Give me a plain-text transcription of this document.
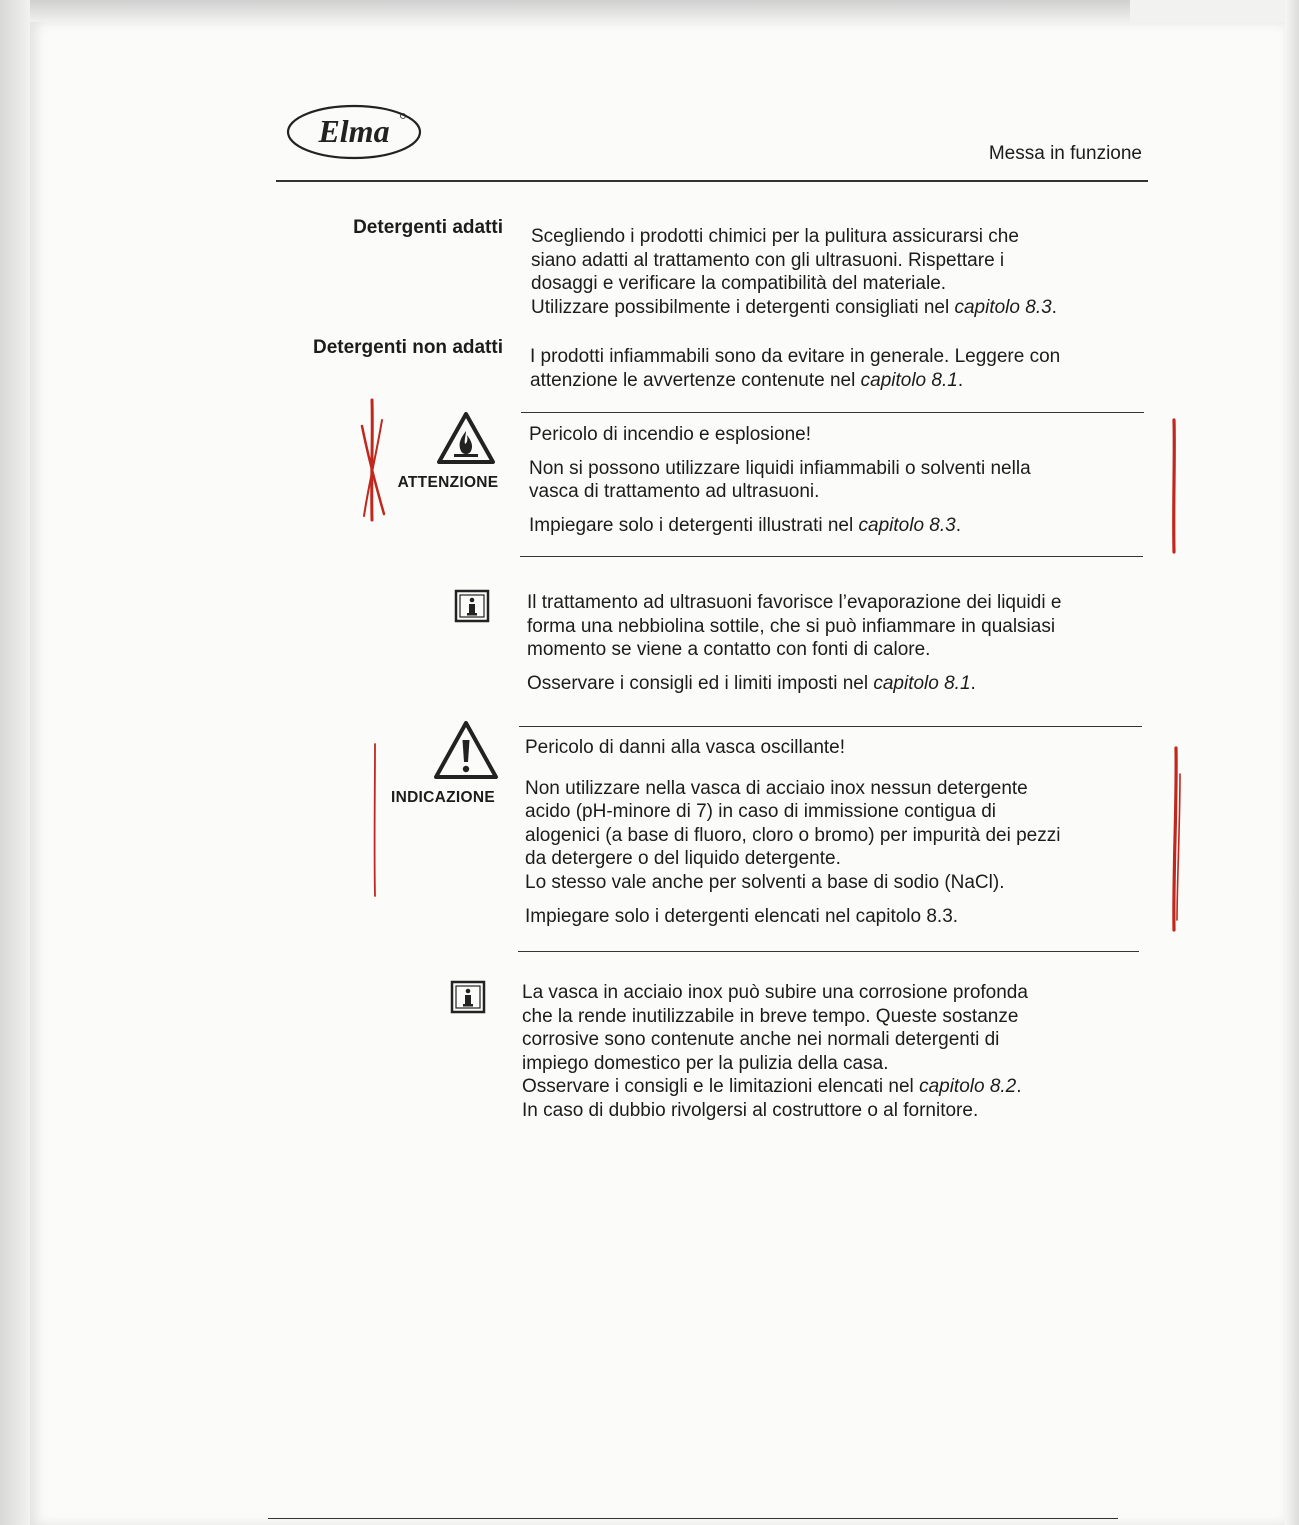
Elma
Messa in funzione
Detergenti adatti Scegliendo i prodotti chimici per la pulitura assicurarsi che
siano adatti al trattamento con gli ultrasuoni. Rispettare i
dosaggi e verificare la compatibilità del materiale.
Utilizzare possibilmente i detergenti consigliati nel capitolo 8.3.
Detergenti non adatti I prodotti infiammabili sono da evitare in generale. Leggere con
attenzione le avvertenze contenute nel capitolo 8.1.
ATTENZIONE
Pericolo di incendio e esplosione!
Non si possono utilizzare liquidi infiammabili o solventi nella
vasca di trattamento ad ultrasuoni.
Impiegare solo i detergenti illustrati nel capitolo 8.3.
Il trattamento ad ultrasuoni favorisce l’evaporazione dei liquidi e
forma una nebbiolina sottile, che si può infiammare in qualsiasi
momento se viene a contatto con fonti di calore.
Osservare i consigli ed i limiti imposti nel capitolo 8.1.
INDICAZIONE
Pericolo di danni alla vasca oscillante!
Non utilizzare nella vasca di acciaio inox nessun detergente
acido (pH-minore di 7) in caso di immissione contigua di
alogenici (a base di fluoro, cloro o bromo) per impurità dei pezzi
da detergere o del liquido detergente.
Lo stesso vale anche per solventi a base di sodio (NaCl).
Impiegare solo i detergenti elencati nel capitolo 8.3.
La vasca in acciaio inox può subire una corrosione profonda
che la rende inutilizzabile in breve tempo. Queste sostanze
corrosive sono contenute anche nei normali detergenti di
impiego domestico per la pulizia della casa.
Osservare i consigli e le limitazioni elencati nel capitolo 8.2.
In caso di dubbio rivolgersi al costruttore o al fornitore.
